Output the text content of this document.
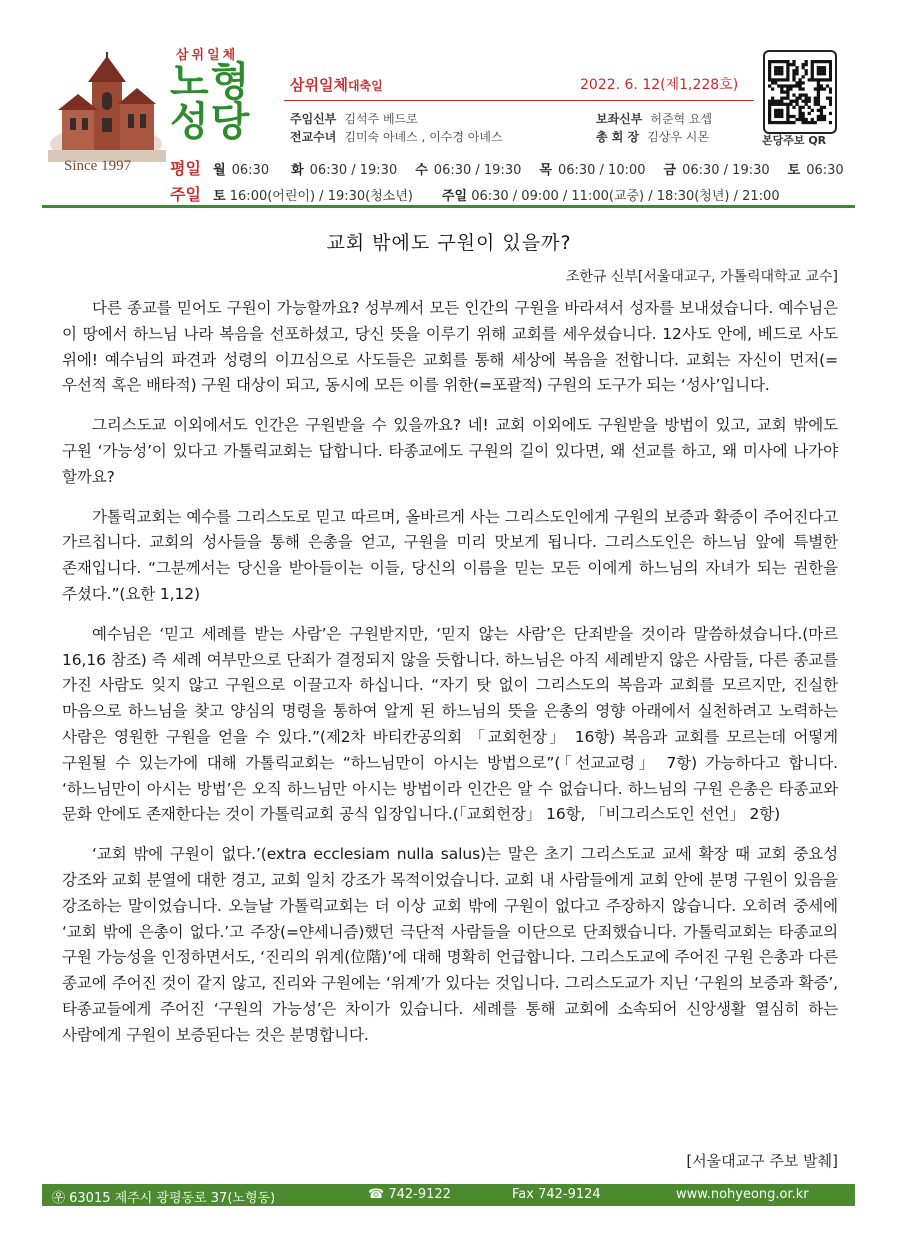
Since 1997
삼위일체
노형
성당
삼위일체대축일	2022. 6. 12(제1,228호)
주임신부 김석주 베드로	보좌신부 허준혁 요셉
전교수녀 김미숙 아녜스 , 이수경 아녜스	총 회 장 김상우 시몬	본당주보 QR
평일 월 06:30 화 06:30 / 19:30 수 06:30 / 19:30 목 06:30 / 10:00 금 06:30 / 19:30 토 06:30
주일 토 16:00(어린이) / 19:30(청소년) 주일 06:30 / 09:00 / 11:00(교중) / 18:30(청년) / 21:00
교회 밖에도 구원이 있을까?
조한규 신부[서울대교구, 가톨릭대학교 교수]

다른 종교를 믿어도 구원이 가능할까요? 성부께서 모든 인간의 구원을 바라셔서 성자를 보내셨습니다. 예수님은 이 땅에서 하느님 나라 복음을 선포하셨고, 당신 뜻을 이루기 위해 교회를 세우셨습니다. 12사도 안에, 베드로 사도 위에! 예수님의 파견과 성령의 이끄심으로 사도들은 교회를 통해 세상에 복음을 전합니다. 교회는 자신이 먼저(=우선적 혹은 배타적) 구원 대상이 되고, 동시에 모든 이를 위한(=포괄적) 구원의 도구가 되는 ‘성사’입니다.

그리스도교 이외에서도 인간은 구원받을 수 있을까요? 네! 교회 이외에도 구원받을 방법이 있고, 교회 밖에도 구원 ‘가능성’이 있다고 가톨릭교회는 답합니다. 타종교에도 구원의 길이 있다면, 왜 선교를 하고, 왜 미사에 나가야 할까요?

가톨릭교회는 예수를 그리스도로 믿고 따르며, 올바르게 사는 그리스도인에게 구원의 보증과 확증이 주어진다고 가르칩니다. 교회의 성사들을 통해 은총을 얻고, 구원을 미리 맛보게 됩니다. 그리스도인은 하느님 앞에 특별한 존재입니다. “그분께서는 당신을 받아들이는 이들, 당신의 이름을 믿는 모든 이에게 하느님의 자녀가 되는 권한을 주셨다.”(요한 1,12)

예수님은 ‘믿고 세례를 받는 사람’은 구원받지만, ‘믿지 않는 사람’은 단죄받을 것이라 말씀하셨습니다.(마르 16,16 참조) 즉 세례 여부만으로 단죄가 결정되지 않을 듯합니다. 하느님은 아직 세례받지 않은 사람들, 다른 종교를 가진 사람도 잊지 않고 구원으로 이끌고자 하십니다. “자기 탓 없이 그리스도의 복음과 교회를 모르지만, 진실한 마음으로 하느님을 찾고 양심의 명령을 통하여 알게 된 하느님의 뜻을 은총의 영향 아래에서 실천하려고 노력하는 사람은 영원한 구원을 얻을 수 있다.”(제2차 바티칸공의회 「교회헌장」 16항) 복음과 교회를 모르는데 어떻게 구원될 수 있는가에 대해 가톨릭교회는 “하느님만이 아시는 방법으로”(「선교교령」 7항) 가능하다고 합니다. ‘하느님만이 아시는 방법’은 오직 하느님만 아시는 방법이라 인간은 알 수 없습니다. 하느님의 구원 은총은 타종교와 문화 안에도 존재한다는 것이 가톨릭교회 공식 입장입니다.(「교회헌장」 16항, 「비그리스도인 선언」 2항)

‘교회 밖에 구원이 없다.’(extra ecclesiam nulla salus)는 말은 초기 그리스도교 교세 확장 때 교회 중요성 강조와 교회 분열에 대한 경고, 교회 일치 강조가 목적이었습니다. 교회 내 사람들에게 교회 안에 분명 구원이 있음을 강조하는 말이었습니다. 오늘날 가톨릭교회는 더 이상 교회 밖에 구원이 없다고 주장하지 않습니다. 오히려 중세에 ‘교회 밖에 은총이 없다.’고 주장(=얀세니즘)했던 극단적 사람들을 이단으로 단죄했습니다. 가톨릭교회는 타종교의 구원 가능성을 인정하면서도, ‘진리의 위계(位階)’에 대해 명확히 언급합니다. 그리스도교에 주어진 구원 은총과 다른 종교에 주어진 것이 같지 않고, 진리와 구원에는 ‘위계’가 있다는 것입니다. 그리스도교가 지닌 ‘구원의 보증과 확증’, 타종교들에게 주어진 ‘구원의 가능성’은 차이가 있습니다. 세례를 통해 교회에 소속되어 신앙생활 열심히 하는 사람에게 구원이 보증된다는 것은 분명합니다.

[서울대교구 주보 발췌]
㉾ 63015 제주시 광평동로 37(노형동)	☎ 742-9122	Fax 742-9124	www.nohyeong.or.kr
